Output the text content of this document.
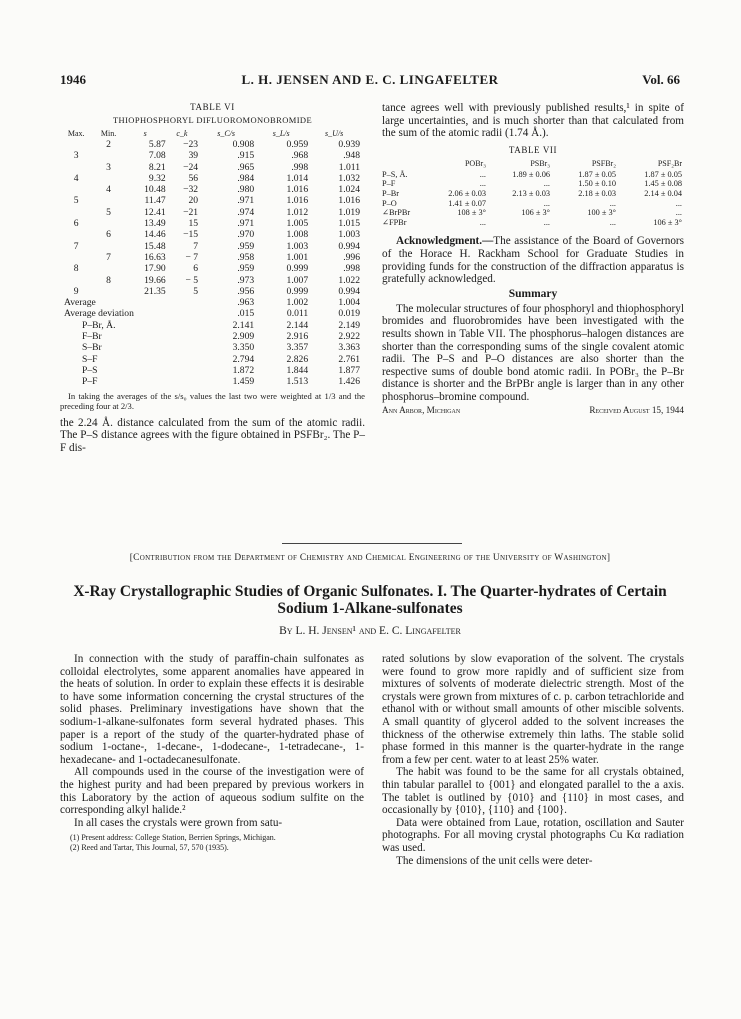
1946	L. H. JENSEN AND E. C. LINGAFELTER	Vol. 66
TABLE VI
THIOPHOSPHORYL DIFLUOROMONOBROMIDE
Max.	Min.	s	c_k	s_C/s	s_L/s	s_U/s
	2	5.87	−23	0.908	0.959	0.939
3		7.08	39	.915	.968	.948
	3	8.21	−24	.965	.998	1.011
4		9.32	56	.984	1.014	1.032
	4	10.48	−32	.980	1.016	1.024
5		11.47	20	.971	1.016	1.016
	5	12.41	−21	.974	1.012	1.019
6		13.49	15	.971	1.005	1.015
	6	14.46	−15	.970	1.008	1.003
7		15.48	7	.959	1.003	0.994
	7	16.63	− 7	.958	1.001	.996
8		17.90	6	.959	0.999	.998
	8	19.66	− 5	.973	1.007	1.022
9		21.35	5	.956	0.999	0.994
Average				.963	1.002	1.004
Average deviation				.015	0.011	0.019
P–Br, Å.				2.141	2.144	2.149
F–Br				2.909	2.916	2.922
S–Br				3.350	3.357	3.363
S–F				2.794	2.826	2.761
P–S				1.872	1.844	1.877
P–F				1.459	1.513	1.426
In taking the averages of the s/s₀ values the last two were weighted at 1/3 and the preceding four at 2/3.

the 2.24 Å. distance calculated from the sum of the atomic radii. The P–S distance agrees with the figure obtained in PSFBr₂. The P–F dis-

tance agrees well with previously published results,¹ in spite of large uncertainties, and is much shorter than that calculated from the sum of the atomic radii (1.74 Å.).

TABLE VII
	POBr₃	PSBr₃	PSFBr₂	PSF₂Br
P–S, Å.	...	1.89 ± 0.06	1.87 ± 0.05	1.87 ± 0.05
P–F	...	...	1.50 ± 0.10	1.45 ± 0.08
P–Br	2.06 ± 0.03	2.13 ± 0.03	2.18 ± 0.03	2.14 ± 0.04
P–O	1.41 ± 0.07	...	...	...
∠BrPBr	108 ± 3°	106 ± 3°	100 ± 3°	...
∠FPBr	...	...	...	106 ± 3°

Acknowledgment.—The assistance of the Board of Governors of the Horace H. Rackham School for Graduate Studies in providing funds for the construction of the diffraction apparatus is gratefully acknowledged.

Summary

The molecular structures of four phosphoryl and thiophosphoryl bromides and fluorobromides have been investigated with the results shown in Table VII. The phosphorus–halogen distances are shorter than the corresponding sums of the single covalent atomic radii. The P–S and P–O distances are also shorter than the respective sums of double bond atomic radii. In POBr₃ the P–Br distance is shorter and the BrPBr angle is larger than in any other phosphorus–bromine compound.

Ann Arbor, Michigan	Received August 15, 1944
[Contribution from the Department of Chemistry and Chemical Engineering of the University of Washington]
X-Ray Crystallographic Studies of Organic Sulfonates. I. The Quarter-hydrates of Certain Sodium 1-Alkane-sulfonates
By L. H. Jensen¹ and E. C. Lingafelter

In connection with the study of paraffin-chain sulfonates as colloidal electrolytes, some apparent anomalies have appeared in the heats of solution. In order to explain these effects it is desirable to have some information concerning the crystal structures of the solid phases. Preliminary investigations have shown that the sodium-1-alkane-sulfonates form several hydrated phases. This paper is a report of the study of the quarter-hydrated phase of sodium 1-octane-, 1-decane-, 1-dodecane-, 1-tetradecane-, 1-hexadecane- and 1-octadecanesulfonate.

All compounds used in the course of the investigation were of the highest purity and had been prepared by previous workers in this Laboratory by the action of aqueous sodium sulfite on the corresponding alkyl halide.²

In all cases the crystals were grown from satu-

(1) Present address: College Station, Berrien Springs, Michigan.

(2) Reed and Tartar, This Journal, 57, 570 (1935).

rated solutions by slow evaporation of the solvent. The crystals were found to grow more rapidly and of sufficient size from mixtures of solvents of moderate dielectric strength. Most of the crystals were grown from mixtures of c. p. carbon tetrachloride and ethanol with or without small amounts of other miscible solvents. A small quantity of glycerol added to the solvent increases the thickness of the otherwise extremely thin laths. The stable solid phase formed in this manner is the quarter-hydrate in the range from a few per cent. water to at least 25% water.

The habit was found to be the same for all crystals obtained, thin tabular parallel to {001} and elongated parallel to the a axis. The tablet is outlined by {010} and {110} in most cases, and occasionally by {010}, {110} and {100}.

Data were obtained from Laue, rotation, oscillation and Sauter photographs. For all moving crystal photographs Cu Kα radiation was used.

The dimensions of the unit cells were deter-
